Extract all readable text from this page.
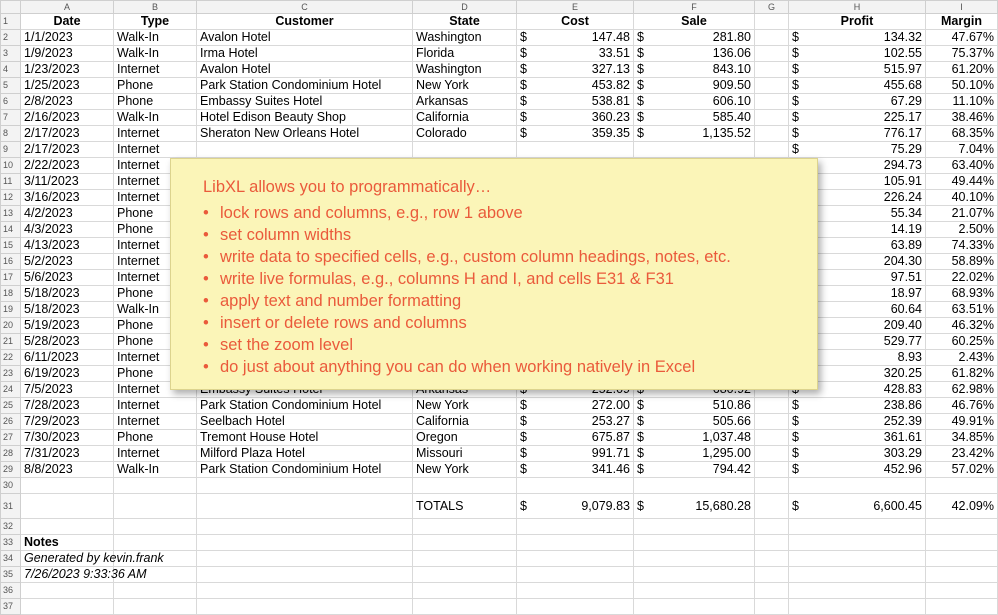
	A	B	C	D	E	F	G	H	I
1	Date	Type	Customer	State	Cost	Sale		Profit	Margin
2	1/1/2023	Walk-In	Avalon Hotel	Washington	$ 147.48	$ 281.80		$ 134.32	47.67%
3	1/9/2023	Walk-In	Irma Hotel	Florida	$ 33.51	$ 136.06		$ 102.55	75.37%
4	1/23/2023	Internet	Avalon Hotel	Washington	$ 327.13	$ 843.10		$ 515.97	61.20%
5	1/25/2023	Phone	Park Station Condominium Hotel	New York	$ 453.82	$ 909.50		$ 455.68	50.10%
6	2/8/2023	Phone	Embassy Suites Hotel	Arkansas	$ 538.81	$ 606.10		$ 67.29	11.10%
7	2/16/2023	Walk-In	Hotel Edison Beauty Shop	California	$ 360.23	$ 585.40		$ 225.17	38.46%
8	2/17/2023	Internet	Sheraton New Orleans Hotel	Colorado	$ 359.35	$ 1,135.52		$ 776.17	68.35%
9	2/17/2023	Internet						$ 75.29	7.04%
10	2/22/2023	Internet						294.73	63.40%
11	3/11/2023	Internet						105.91	49.44%
12	3/16/2023	Internet						226.24	40.10%
13	4/2/2023	Phone						55.34	21.07%
14	4/3/2023	Phone						14.19	2.50%
15	4/13/2023	Internet						63.89	74.33%
16	5/2/2023	Internet						204.30	58.89%
17	5/6/2023	Internet						97.51	22.02%
18	5/18/2023	Phone						18.97	68.93%
19	5/18/2023	Walk-In						60.64	63.51%
20	5/19/2023	Phone						209.40	46.32%
21	5/28/2023	Phone						529.77	60.25%
22	6/11/2023	Internet						8.93	2.43%
23	6/19/2023	Phone						320.25	61.82%
24	7/5/2023	Internet						428.83	62.98%
25	7/28/2023	Internet	Park Station Condominium Hotel	New York	$ 272.00	$ 510.86		$ 238.86	46.76%
26	7/29/2023	Internet	Seelbach Hotel	California	$ 253.27	$ 505.66		$ 252.39	49.91%
27	7/30/2023	Phone	Tremont House Hotel	Oregon	$ 675.87	$ 1,037.48		$ 361.61	34.85%
28	7/31/2023	Internet	Milford Plaza Hotel	Missouri	$ 991.71	$ 1,295.00		$ 303.29	23.42%
29	8/8/2023	Walk-In	Park Station Condominium Hotel	New York	$ 341.46	$ 794.42		$ 452.96	57.02%
30									
31				TOTALS	$ 9,079.83	$ 15,680.28		$ 6,600.45	42.09%
32									
33	Notes								
34	Generated by kevin.frank								
35	7/26/2023 9:33:36 AM								
36									
37									
LibXL allows you to programmatically…
• lock rows and columns, e.g., row 1 above
• set column widths
• write data to specified cells, e.g., custom column headings, notes, etc.
• write live formulas, e.g., columns H and I, and cells E31 & F31
• apply text and number formatting
• insert or delete rows and columns
• set the zoom level
• do just about anything you can do when working natively in Excel
